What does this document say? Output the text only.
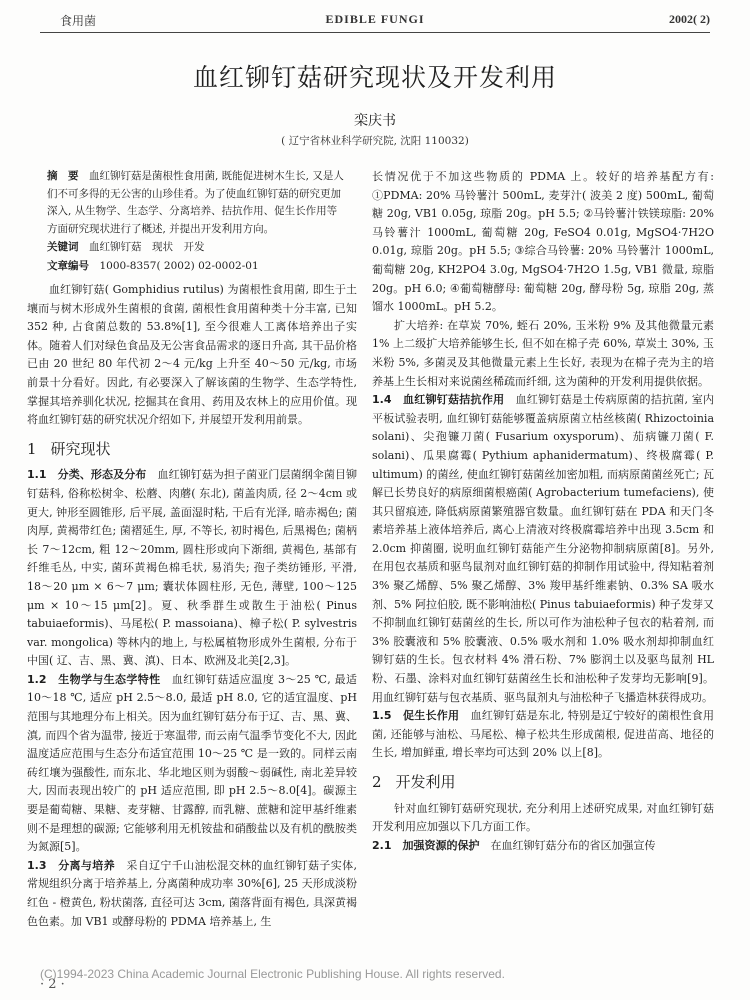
食用菌	EDIBLE FUNGI	2002( 2)
血红铆钉菇研究现状及开发利用
栾庆书
( 辽宁省林业科学研究院, 沈阳 110032)

摘　要　 血红铆钉菇是菌根性食用菌, 既能促进树木生长, 又是人们不可多得的无公害的山珍佳肴。为了使血红铆钉菇的研究更加深入, 从生物学、生态学、分离培养、拮抗作用、促生长作用等方面研究现状进行了概述, 并提出开发利用方向。

关键词　 血红铆钉菇　现状　开发

文章编号　 1000-8357( 2002) 02-0002-01

血红铆钉菇( Gomphidius rutilus) 为菌根性食用菌, 即生于土壤而与树木形成外生菌根的食菌, 菌根性食用菌种类十分丰富, 已知 352 种, 占食菌总数的 53.8%[1], 至今很难人工离体培养出子实体。随着人们对绿色食品及无公害食品需求的逐日升高, 其干品价格已由 20 世纪 80 年代初 2～4 元/kg 上升至 40～50 元/kg, 市场前景十分看好。因此, 有必要深入了解该菌的生物学、生态学特性, 掌握其培养驯化状况, 挖掘其在食用、药用及农林上的应用价值。现将血红铆钉菇的研究状况介绍如下, 并展望开发利用前景。

1 研究现状

1.1　分类、形态及分布　 血红铆钉菇为担子菌亚门层菌纲伞菌目铆钉菇科, 俗称松树伞、松蘑、肉蘑( 东北), 菌盖肉质, 径 2～4cm 或更大, 钟形至圆锥形, 后平展, 盖面湿时粘, 干后有光泽, 暗赤褐色; 菌肉厚, 黄褐带红色; 菌褶延生, 厚, 不等长, 初时褐色, 后黑褐色; 菌柄长 7～12cm, 粗 12～20mm, 圆柱形或向下渐细, 黄褐色, 基部有纤维毛丛, 中实, 菌环黄褐色棉毛状, 易消失; 孢子类纺锤形, 平滑, 18～20 μm × 6～7 μm; 囊状体圆柱形, 无色, 薄壁, 100～125 μm × 10～15 μm[2]。夏、秋季群生或散生于油松( Pinus tabuiaeformis)、马尾松( P. massoiana)、樟子松( P. sylvestris var. mongolica) 等林内的地上, 与松属植物形成外生菌根, 分布于中国( 辽、吉、黑、冀、滇)、日本、欧洲及北美[2,3]。

1.2　生物学与生态学特性　 血红铆钉菇适应温度 3～25 ℃, 最适 10～18 ℃, 适应 pH 2.5～8.0, 最适 pH 8.0, 它的适宜温度、pH 范围与其地理分布上相关。因为血红铆钉菇分布于辽、吉、黑、冀、滇, 而四个省为温带, 接近于寒温带, 而云南气温季节变化不大, 因此温度适应范围与生态分布适宜范围 10～25 ℃ 是一致的。同样云南砖红壤为强酸性, 而东北、华北地区则为弱酸～弱碱性, 南北差异较大, 因而表现出较广的 pH 适应范围, 即 pH 2.5～8.0[4]。碳源主要是葡萄糖、果糖、麦芽糖、甘露醇, 而乳糖、蔗糖和淀甲基纤维素则不是理想的碳源; 它能够利用无机铵盐和硝酸盐以及有机的酰胺类为氮源[5]。

1.3　分离与培养　 采自辽宁千山油松混交林的血红铆钉菇子实体, 常规组织分离于培养基上, 分离菌种成功率 30%[6], 25 天形成淡粉红色 - 橙黄色, 粉状菌落, 直径可达 3cm, 菌落背面有褐色, 具深黄褐色色素。加 VB1 或酵母粉的 PDMA 培养基上, 生

长情况优于不加这些物质的 PDMA 上。较好的培养基配方有: ①PDMA: 20% 马铃薯汁 500mL, 麦芽汁( 波美 2 度) 500mL, 葡萄糖 20g, VB1 0.05g, 琼脂 20g。pH 5.5; ②马铃薯汁铁镁琼脂: 20% 马铃薯汁 1000mL, 葡萄糖 20g, FeSO4 0.01g, MgSO4·7H2O 0.01g, 琼脂 20g。pH 5.5; ③综合马铃薯: 20% 马铃薯汁 1000mL, 葡萄糖 20g, KH2PO4 3.0g, MgSO4·7H2O 1.5g, VB1 微量, 琼脂 20g。pH 6.0; ④葡萄糖酵母: 葡萄糖 20g, 酵母粉 5g, 琼脂 20g, 蒸馏水 1000mL。pH 5.2。

扩大培养: 在草炭 70%, 蛭石 20%, 玉米粉 9% 及其他微量元素 1% 上二级扩大培养能够生长, 但不如在棉子壳 60%, 草炭土 30%, 玉米粉 5%, 多菌灵及其他微量元素上生长好, 表现为在棉子壳为主的培养基上生长相对来说菌丝稀疏而纤细, 这为菌种的开发利用提供依据。

1.4　血红铆钉菇拮抗作用　 血红铆钉菇是土传病原菌的拮抗菌, 室内平板试验表明, 血红铆钉菇能够覆盖病原菌立枯丝核菌( Rhizoctoinia solani)、尖孢镰刀菌( Fusarium oxysporum)、茄病镰刀菌( F. solani)、瓜果腐霉( Pythium aphanidermatum)、终极腐霉( P. ultimum) 的菌丝, 使血红铆钉菇菌丝加密加粗, 而病原菌菌丝死亡; 瓦解已长势良好的病原细菌根癌菌( Agrobacterium tumefaciens), 使其只留痕迹, 降低病原菌繁殖器官数量。血红铆钉菇在 PDA 和天门冬素培养基上液体培养后, 离心上清液对终极腐霉培养中出现 3.5cm 和 2.0cm 抑菌圈, 说明血红铆钉菇能产生分泌物抑制病原菌[8]。另外, 在用包衣基质和驱鸟鼠剂对血红铆钉菇的抑制作用试验中, 得知粘着剂 3% 聚乙烯醇、5% 聚乙烯醇、3% 羧甲基纤维素钠、0.3% SA 吸水剂、5% 阿拉伯胶, 既不影响油松( Pinus tabuiaeformis) 种子发芽又不抑制血红铆钉菇菌丝的生长, 所以可作为油松种子包衣的粘着剂, 而 3% 胶囊液和 5% 胶囊液、0.5% 吸水剂和 1.0% 吸水剂却抑制血红铆钉菇的生长。包衣材料 4% 滑石粉、7% 膨润土以及驱鸟鼠剂 HL 粉、石墨、涂料对血红铆钉菇菌丝生长和油松种子发芽均无影响[9]。用血红铆钉菇与包衣基质、驱鸟鼠剂丸与油松种子飞播造林获得成功。

1.5　促生长作用　 血红铆钉菇是东北, 特别是辽宁较好的菌根性食用菌, 还能够与油松、马尾松、樟子松共生形成菌根, 促进苗高、地径的生长, 增加鲜重, 增长率均可达到 20% 以上[8]。

2 开发利用

针对血红铆钉菇研究现状, 充分利用上述研究成果, 对血红铆钉菇开发利用应加强以下几方面工作。

2.1　加强资源的保护　 在血红铆钉菇分布的省区加强宣传

(C)1994-2023 China Academic Journal Electronic Publishing House. All rights reserved.
· 2 ·
